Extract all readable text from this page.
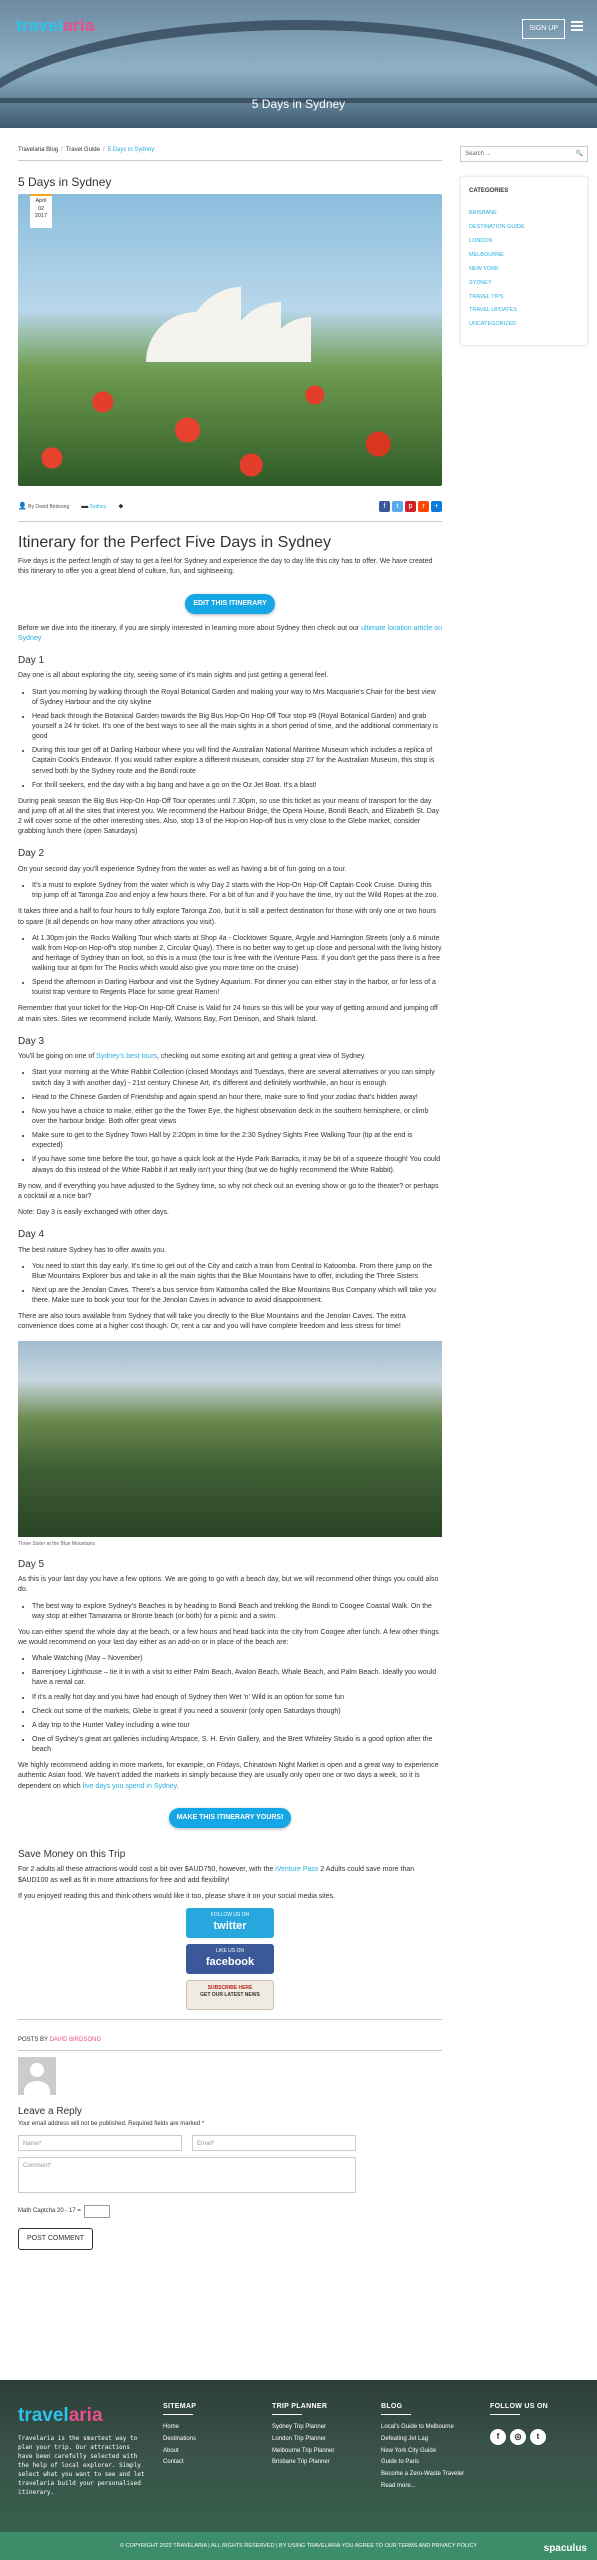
travelaria	SIGN UP
5 Days in Sydney
Travelaria Blog / Travel Guide / 5 Days in Sydney
5 Days in Sydney
April
02
2017
👤 By David Birdsong ▬ Sydney ⬥	f	t	p	r	+
Itinerary for the Perfect Five Days in Sydney

Five days is the perfect length of stay to get a feel for Sydney and experience the day to day life this city has to offer. We have created this itinerary to offer you a great blend of culture, fun, and sightseeing.

EDIT THIS ITINERARY

Before we dive into the itinerary, if you are simply interested in learning more about Sydney then check out our ultimate location article on Sydney

Day 1

Day one is all about exploring the city, seeing some of it's main sights and just getting a general feel.

• Start you morning by walking through the Royal Botanical Garden and making your way to Mrs Macquarie's Chair for the best view of Sydney Harbour and the city skyline
• Head back through the Botanical Garden towards the Big Bus Hop-On Hop-Off Tour stop #9 (Royal Botanical Garden) and grab yourself a 24 hr ticket. It's one of the best ways to see all the main sights in a short period of time, and the additional commentary is good
• During this tour get off at Darling Harbour where you will find the Australian National Maritime Museum which includes a replica of Captain Cook's Endeavor. If you would rather explore a different museum, consider stop 27 for the Australian Museum, this stop is served both by the Sydney route and the Bondi route
• For thrill seekers, end the day with a big bang and have a go on the Oz Jet Boat. It's a blast!

During peak season the Big Bus Hop-On Hop-Off Tour operates until 7.30pm, so use this ticket as your means of transport for the day and jump off at all the sites that interest you. We recommend the Harbour Bridge, the Opera House, Bondi Beach, and Elizabeth St. Day 2 will cover some of the other interesting sites. Also, stop 13 of the Hop-on Hop-off bus is very close to the Glebe market, consider grabbing lunch there (open Saturdays)

Day 2

On your second day you'll experience Sydney from the water as well as having a bit of fun going on a tour.

• It's a must to explore Sydney from the water which is why Day 2 starts with the Hop-On Hop-Off Captain Cook Cruise. During this trip jump off at Taronga Zoo and enjoy a few hours there. For a bit of fun and if you have the time, try out the Wild Ropes at the zoo.

It takes three and a half to four hours to fully explore Taronga Zoo, but it is still a perfect destination for those with only one or two hours to spare (it all depends on how many other attractions you visit).

• At 1.30pm join the Rocks Walking Tour which starts at Shop 4a - Clocktower Square, Argyle and Harrington Streets (only a 6 minute walk from Hop-on Hop-off's stop number 2, Circular Quay). There is no better way to get up close and personal with the living history and heritage of Sydney than on foot, so this is a must (the tour is free with the iVenture Pass. If you don't get the pass there is a free walking tour at 6pm for The Rocks which would also give you more time on the cruise)
• Spend the afternoon in Darling Harbour and visit the Sydney Aquarium. For dinner you can either stay in the harbor, or for less of a tourist trap venture to Regents Place for some great Ramen!

Remember that your ticket for the Hop-On Hop-Off Cruise is Valid for 24 hours so this will be your way of getting around and jumping off at main sites. Sites we recommend include Manly, Watsons Bay, Fort Denison, and Shark Island.

Day 3

You'll be going on one of Sydney's best tours, checking out some exciting art and getting a great view of Sydney.

• Start your morning at the White Rabbit Collection (closed Mondays and Tuesdays, there are several alternatives or you can simply switch day 3 with another day) - 21st century Chinese Art, it's different and definitely worthwhile, an hour is enough
• Head to the Chinese Garden of Friendship and again spend an hour there, make sure to find your zodiac that's hidden away!
• Now you have a choice to make, either go the the Tower Eye, the highest observation deck in the southern hemisphere, or climb over the harbour bridge. Both offer great views
• Make sure to get to the Sydney Town Hall by 2:20pm in time for the 2:30 Sydney Sights Free Walking Tour (tip at the end is expected)
• If you have some time before the tour, go have a quick look at the Hyde Park Barracks, it may be bit of a squeeze though! You could always do this instead of the White Rabbit if art really isn't your thing (but we do highly recommend the White Rabbit).

By now, and if everything you have adjusted to the Sydney time, so why not check out an evening show or go to the theater? or perhaps a cocktail at a nice bar?

Note: Day 3 is easily exchanged with other days.

Day 4

The best nature Sydney has to offer awaits you.

• You need to start this day early. It's time to get out of the City and catch a train from Central to Katoomba. From there jump on the Blue Mountains Explorer bus and take in all the main sights that the Blue Mountains have to offer, including the Three Sisters
• Next up are the Jenolan Caves. There's a bus service from Katoomba called the Blue Mountains Bus Company which will take you there. Make sure to book your tour for the Jenolan Caves in advance to avoid disappointment.

There are also tours available from Sydney that will take you directly to the Blue Mountains and the Jenolan Caves. The extra convenience does come at a higher cost though. Or, rent a car and you will have complete freedom and less stress for time!

Three Sister at the Blue Mountains
Day 5

As this is your last day you have a few options. We are going to go with a beach day, but we will recommend other things you could also do.

• The best way to explore Sydney's Beaches is by heading to Bondi Beach and trekking the Bondi to Coogee Coastal Walk. On the way stop at either Tamarama or Bronte beach (or both) for a picnic and a swim.

You can either spend the whole day at the beach, or a few hours and head back into the city from Coogee after lunch. A few other things we would recommend on your last day either as an add-on or in place of the beach are:

• Whale Watching (May – November)
• Barrenjoey Lighthouse – tie it in with a visit to either Palm Beach, Avalon Beach, Whale Beach, and Palm Beach. Ideally you would have a rental car.
• If it's a really hot day and you have had enough of Sydney then Wet 'n' Wild is an option for some fun
• Check out some of the markets, Glebe is great if you need a souvenir (only open Saturdays though)
• A day trip to the Hunter Valley including a wine tour
• One of Sydney's great art galleries including Artspace, S. H. Ervin Gallery, and the Brett Whiteley Studio is a good option after the beach

We highly recommend adding in more markets, for example, on Fridays, Chinatown Night Market is open and a great way to experience authentic Asian food. We haven't added the markets in simply because they are usually only open one or two days a week, so it is dependent on which five days you spend in Sydney.

MAKE THIS ITINERARY YOURS!
Save Money on this Trip

For 2 adults all these attractions would cost a bit over $AUD750, however, with the iVenture Pass 2 Adults could save more than $AUD100 as well as fit in more attractions for free and add flexibility!

If you enjoyed reading this and think others would like it too, please share it on your social media sites.

FOLLOW US ON
twitter
LIKE US ON
facebook
SUBSCRIBE HERE
GET OUR LATEST NEWS
POSTS BY DAVID BIRDSONG
Leave a Reply
Your email address will not be published. Required fields are marked *
Name*	Email*
Comment*
Math Captcha 20 - 17 =
POST COMMENT
Search ...	🔍
CATEGORIES
BRISBANE
DESTINATION GUIDE
LONDON
MELBOURNE
NEW YORK
SYDNEY
TRAVEL TIPS
TRAVEL UPDATES
UNCATEGORIZED
travelaria
Travelaria is the smartest way to plan your trip. Our attractions have been carefully selected with the help of local explorer. Simply select what you want to see and let travelaria build your personalised itinerary.
SITEMAP
Home
Destinations
About
Contact
TRIP PLANNER
Sydney Trip Planner
London Trip Planner
Melbourne Trip Planner
Brisbane Trip Planner
BLOG
Local's Guide to Melbourne
Defeating Jet Lag
New York City Guide
Guide to Paris
Become a Zero-Waste Traveler
Read more...
FOLLOW US ON
f	◎	t
© COPYRIGHT 2022 TRAVELARIA | ALL RIGHTS RESERVED | BY USING TRAVELARIA YOU AGREE TO OUR TERMS AND PRIVACY POLICY	spaculus
